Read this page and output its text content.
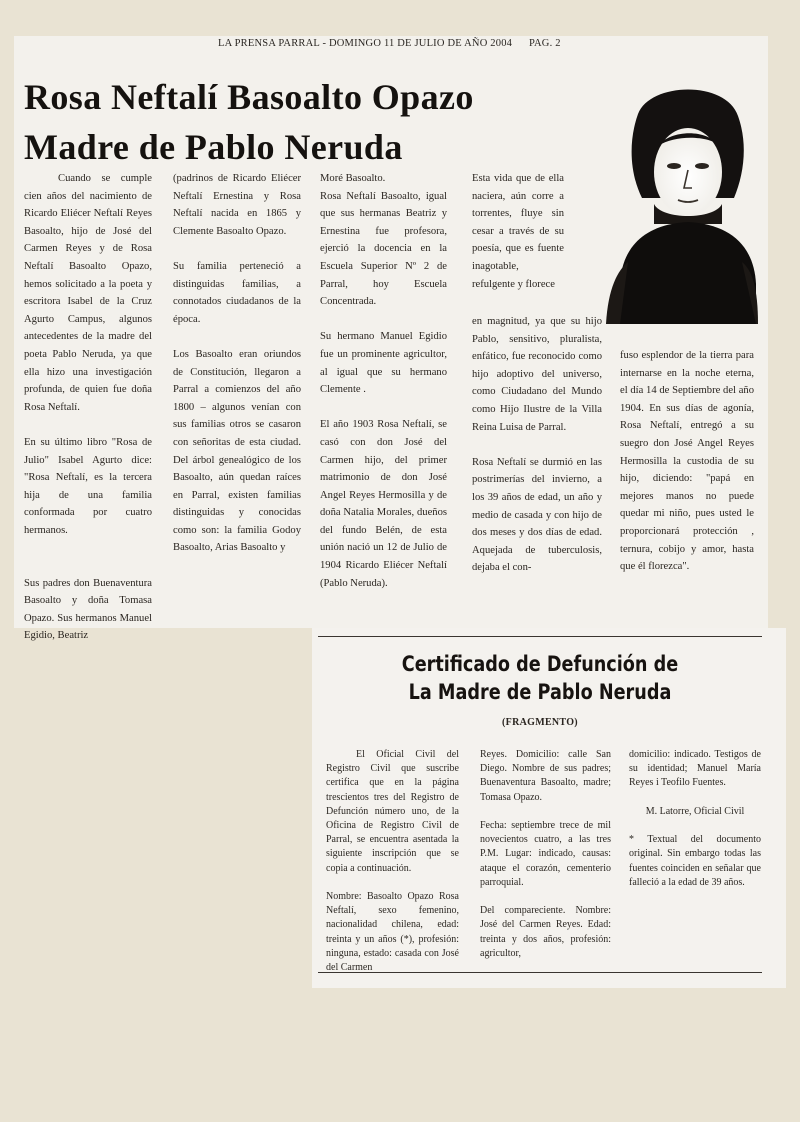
LA PRENSA PARRAL - DOMINGO 11 DE JULIO DE AÑO 2004 PAG. 2
Rosa Neftalí Basoalto Opazo
Madre de Pablo Neruda

Cuando se cumple cien años del nacimiento de Ricardo Eliécer Neftalí Reyes Basoalto, hijo de José del Carmen Reyes y de Rosa Neftalí Basoalto Opazo, hemos solicitado a la poeta y escritora Isabel de la Cruz Agurto Campus, algunos antecedentes de la madre del poeta Pablo Neruda, ya que ella hizo una investigación profunda, de quien fue doña Rosa Neftalí.

En su último libro "Rosa de Julio" Isabel Agurto dice: "Rosa Neftalí, es la tercera hija de una familia conformada por cuatro hermanos.

Sus padres don Buenaventura Basoalto y doña Tomasa Opazo. Sus hermanos Manuel Egidio, Beatriz

(padrinos de Ricardo Eliécer Neftalí Ernestina y Rosa Neftalí nacida en 1865 y Clemente Basoalto Opazo.

Su familia perteneció a distinguidas familias, a connotados ciudadanos de la época.

Los Basoalto eran oriundos de Constitución, llegaron a Parral a comienzos del año 1800 – algunos venían con sus familias otros se casaron con señoritas de esta ciudad. Del árbol genealógico de los Basoalto, aún quedan raíces en Parral, existen familias distinguidas y conocidas como son: la familia Godoy Basoalto, Arias Basoalto y

Moré Basoalto.

Rosa Neftalí Basoalto, igual que sus hermanas Beatriz y Ernestina fue profesora, ejerció la docencia en la Escuela Superior Nº 2 de Parral, hoy Escuela Concentrada.

Su hermano Manuel Egidio fue un prominente agricultor, al igual que su hermano Clemente .

El año 1903 Rosa Neftalí, se casó con don José del Carmen hijo, del primer matrimonio de don José Angel Reyes Hermosilla y de doña Natalia Morales, dueños del fundo Belén, de esta unión nació un 12 de Julio de 1904 Ricardo Eliécer Neftalí (Pablo Neruda).

Esta vida que de ella naciera, aún corre a torrentes, fluye sin cesar a través de su poesía, que es fuente inagotable, refulgente y florece

en magnitud, ya que su hijo Pablo, sensitivo, pluralista, enfático, fue reconocido como hijo adoptivo del universo, como Ciudadano del Mundo como Hijo Ilustre de la Villa Reina Luisa de Parral.

Rosa Neftalí se durmió en las postrimerías del invierno, a los 39 años de edad, un año y medio de casada y con hijo de dos meses y dos días de edad. Aquejada de tuberculosis, dejaba el con-

fuso esplendor de la tierra para internarse en la noche eterna, el día 14 de Septiembre del año 1904. En sus días de agonía, Rosa Neftalí, entregó a su suegro don José Angel Reyes Hermosilla la custodia de su hijo, diciendo: "papá en mejores manos no puede quedar mi niño, pues usted le proporcionará protección , ternura, cobijo y amor, hasta que él florezca".

Certificado de Defunción de
La Madre de Pablo Neruda
(FRAGMENTO)

El Oficial Civil del Registro Civil que suscribe certifica que en la página trescientos tres del Registro de Defunción número uno, de la Oficina de Registro Civil de Parral, se encuentra asentada la siguiente inscripción que se copia a continuación.

Nombre: Basoalto Opazo Rosa Neftalí, sexo femenino, nacionalidad chilena, edad: treinta y un años (*), profesión: ninguna, estado: casada con José del Carmen

Reyes. Domicilio: calle San Diego. Nombre de sus padres; Buenaventura Basoalto, madre; Tomasa Opazo.

Fecha: septiembre trece de mil novecientos cuatro, a las tres P.M. Lugar: indicado, causas: ataque el corazón, cementerio parroquial.

Del compareciente. Nombre: José del Carmen Reyes. Edad: treinta y dos años, profesión: agricultor,

domicilio: indicado. Testigos de su identidad; Manuel María Reyes i Teofilo Fuentes.

M. Latorre, Oficial Civil

* Textual del documento original. Sin embargo todas las fuentes coinciden en señalar que falleció a la edad de 39 años.
